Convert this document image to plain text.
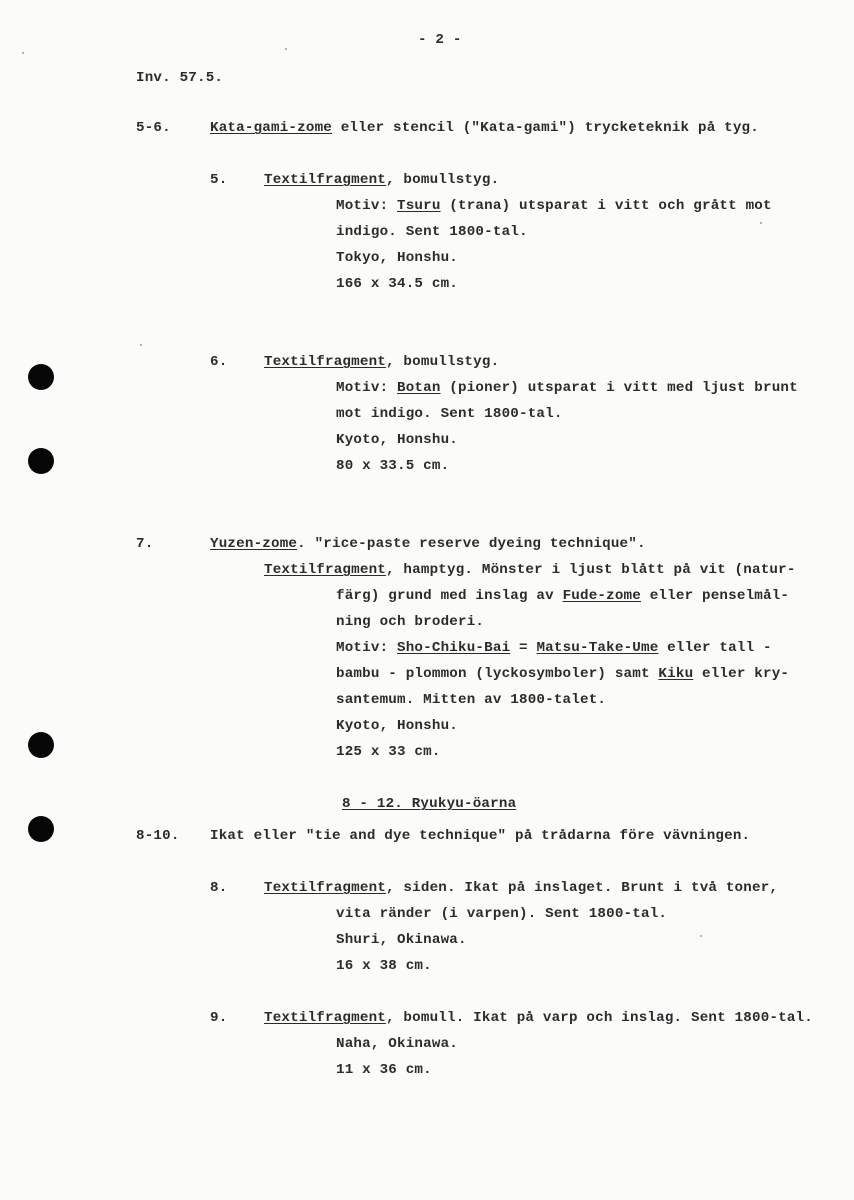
- 2 -
Inv. 57.5.
5-6.	Kata-gami-zome eller stencil ("Kata-gami") trycketeknik på tyg.
5.	Textilfragment, bomullstyg.
Motiv: Tsuru (trana) utsparat i vitt och grått mot
indigo. Sent 1800-tal.
Tokyo, Honshu.
166 x 34.5 cm.
6.	Textilfragment, bomullstyg.
Motiv: Botan (pioner) utsparat i vitt med ljust brunt
mot indigo. Sent 1800-tal.
Kyoto, Honshu.
80 x 33.5 cm.
7.	Yuzen-zome. "rice-paste reserve dyeing technique".
Textilfragment, hamptyg. Mönster i ljust blått på vit (natur-
färg) grund med inslag av Fude-zome eller penselmål-
ning och broderi.
Motiv: Sho-Chiku-Bai = Matsu-Take-Ume eller tall -
bambu - plommon (lyckosymboler) samt Kiku eller kry-
santemum. Mitten av 1800-talet.
Kyoto, Honshu.
125 x 33 cm.
8 - 12. Ryukyu-öarna
8-10. Ikat eller "tie and dye technique" på trådarna före vävningen.
8.	Textilfragment, siden. Ikat på inslaget. Brunt i två toner,
vita ränder (i varpen). Sent 1800-tal.
Shuri, Okinawa.
16 x 38 cm.
9.	Textilfragment, bomull. Ikat på varp och inslag. Sent 1800-tal.
Naha, Okinawa.
11 x 36 cm.
